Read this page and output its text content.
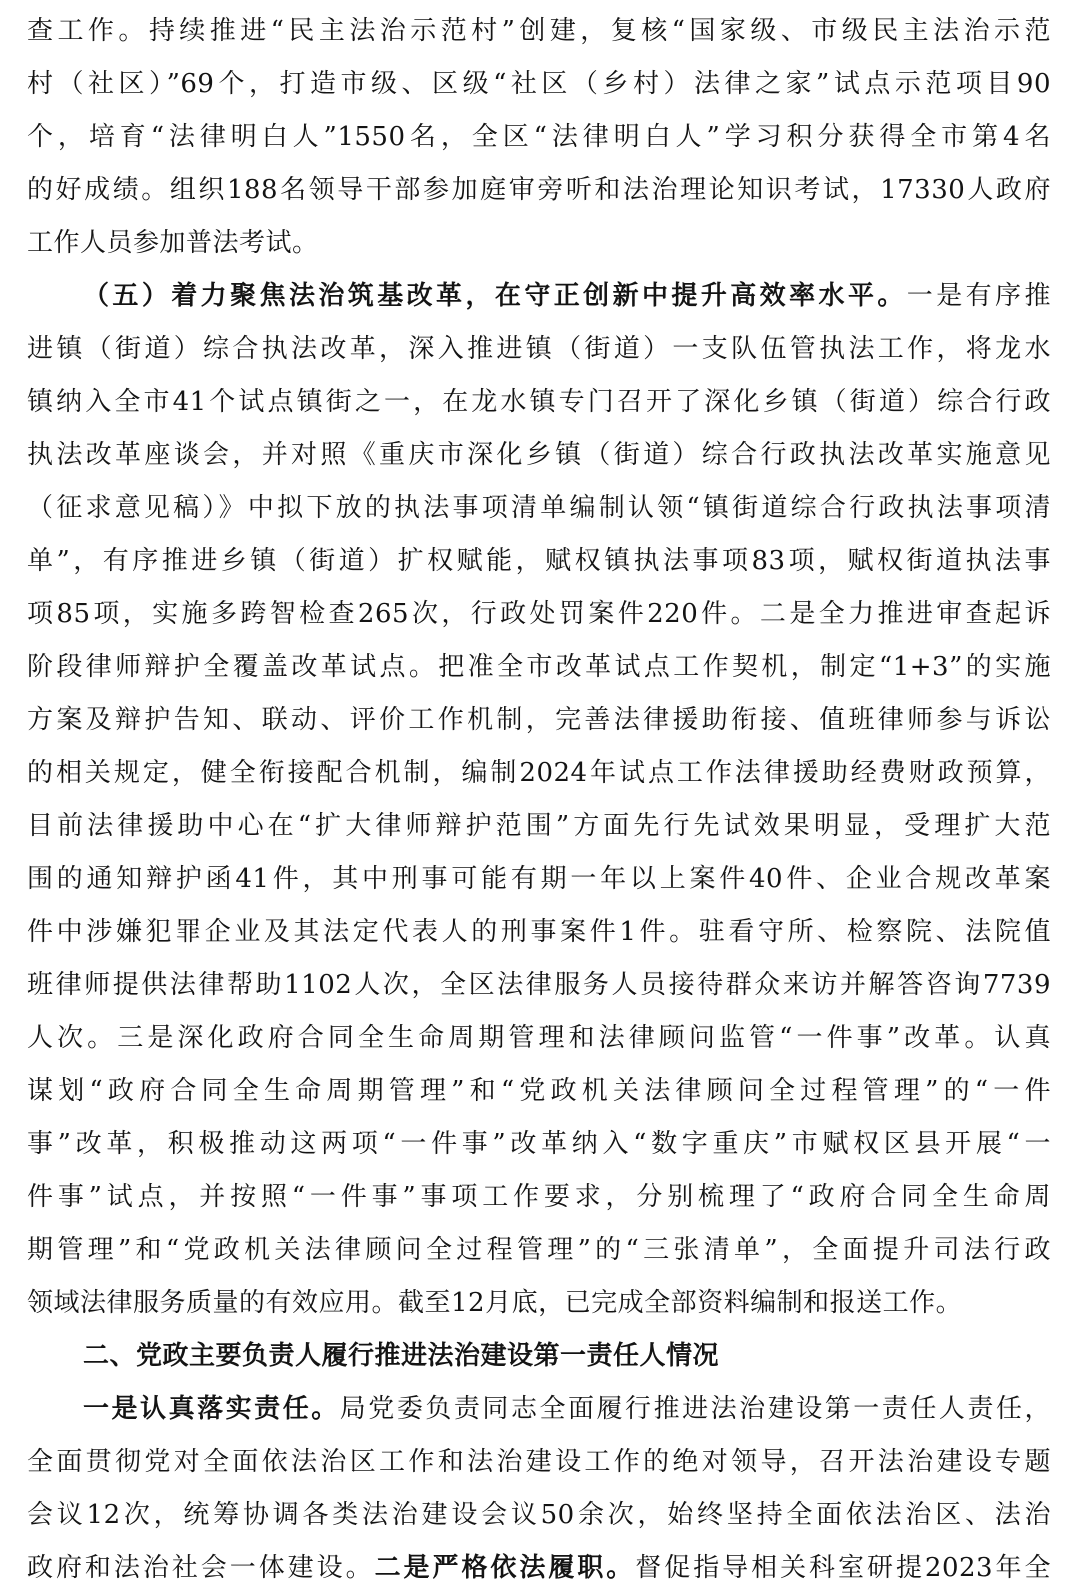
查工作。持续推进“民主法治示范村”创建，复核“国家级、市级民主法治示范
村（社区）”69个，打造市级、区级“社区（乡村）法律之家”试点示范项目90
个，培育“法律明白人”1550名，全区“法律明白人”学习积分获得全市第4名
的好成绩。组织188名领导干部参加庭审旁听和法治理论知识考试，17330人政府
工作人员参加普法考试。
（五）着力聚焦法治筑基改革，在守正创新中提升高效率水平。一是有序推
进镇（街道）综合执法改革，深入推进镇（街道）一支队伍管执法工作，将龙水
镇纳入全市41个试点镇街之一，在龙水镇专门召开了深化乡镇（街道）综合行政
执法改革座谈会，并对照《重庆市深化乡镇（街道）综合行政执法改革实施意见
（征求意见稿）》中拟下放的执法事项清单编制认领“镇街道综合行政执法事项清
单”，有序推进乡镇（街道）扩权赋能，赋权镇执法事项83项，赋权街道执法事
项85项，实施多跨智检查265次，行政处罚案件220件。二是全力推进审查起诉
阶段律师辩护全覆盖改革试点。把准全市改革试点工作契机，制定“1+3”的实施
方案及辩护告知、联动、评价工作机制，完善法律援助衔接、值班律师参与诉讼
的相关规定，健全衔接配合机制，编制2024年试点工作法律援助经费财政预算，
目前法律援助中心在“扩大律师辩护范围”方面先行先试效果明显，受理扩大范
围的通知辩护函41件，其中刑事可能有期一年以上案件40件、企业合规改革案
件中涉嫌犯罪企业及其法定代表人的刑事案件1件。驻看守所、检察院、法院值
班律师提供法律帮助1102人次，全区法律服务人员接待群众来访并解答咨询7739
人次。三是深化政府合同全生命周期管理和法律顾问监管“一件事”改革。认真
谋划“政府合同全生命周期管理”和“党政机关法律顾问全过程管理”的“一件
事”改革，积极推动这两项“一件事”改革纳入“数字重庆”市赋权区县开展“一
件事”试点，并按照“一件事”事项工作要求，分别梳理了“政府合同全生命周
期管理”和“党政机关法律顾问全过程管理”的“三张清单”，全面提升司法行政
领域法律服务质量的有效应用。截至12月底，已完成全部资料编制和报送工作。
二、党政主要负责人履行推进法治建设第一责任人情况
一是认真落实责任。局党委负责同志全面履行推进法治建设第一责任人责任，
全面贯彻党对全面依法治区工作和法治建设工作的绝对领导，召开法治建设专题
会议12次，统筹协调各类法治建设会议50余次，始终坚持全面依法治区、法治
政府和法治社会一体建设。二是严格依法履职。督促指导相关科室研提2023年全
